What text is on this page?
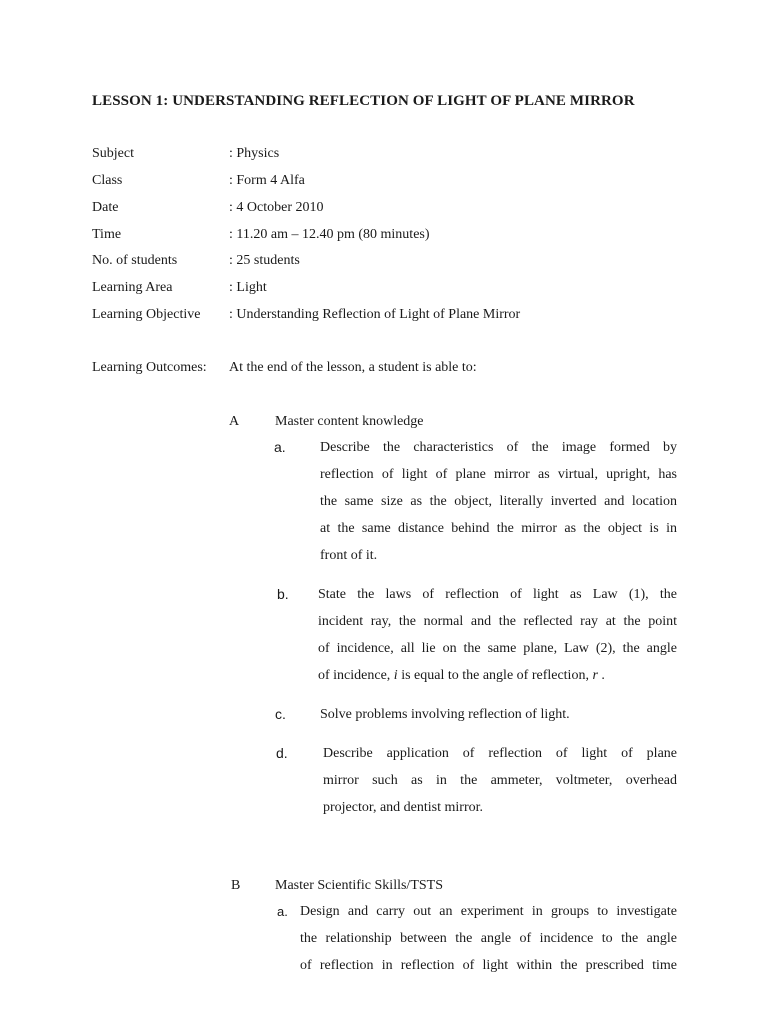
LESSON 1: UNDERSTANDING REFLECTION OF LIGHT OF PLANE MIRROR
Subject	: Physics
Class	: Form 4 Alfa
Date	: 4 October 2010
Time	: 11.20 am – 12.40 pm (80 minutes)
No. of students	: 25 students
Learning Area	: Light
Learning Objective : Understanding Reflection of Light of Plane Mirror
Learning Outcomes: At the end of the lesson, a student is able to:
A	Master content knowledge
a. Describe the characteristics of the image formed by
reflection of light of plane mirror as virtual, upright, has
the same size as the object, literally inverted and location
at the same distance behind the mirror as the object is in
front of it.
b. State the laws of reflection of light as Law (1), the
incident ray, the normal and the reflected ray at the point
of incidence, all lie on the same plane, Law (2), the angle
of incidence, i is equal to the angle of reflection, r .
c. Solve problems involving reflection of light.
d.	Describe application of reflection of light of plane
mirror such as in the ammeter, voltmeter, overhead
projector, and dentist mirror.
B Master Scientific Skills/TSTS
a. Design and carry out an experiment in groups to investigate
the relationship between the angle of incidence to the angle
of reflection in reflection of light within the prescribed time
